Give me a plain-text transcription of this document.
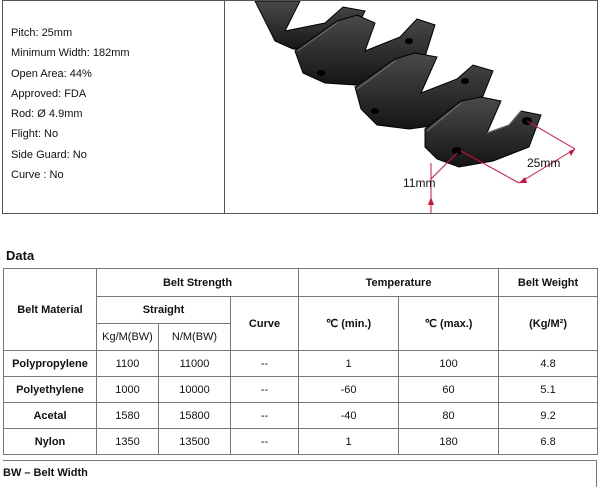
Pitch: 25mm
Minimum Width: 182mm
Open Area: 44%
Approved: FDA
Rod: Ø 4.9mm
Flight: No
Side Guard: No
Curve : No
25mm
11mm
Data
Belt Material	Belt Strength			Temperature		Belt Weight
	Straight		Curve	℃ (min.)	℃ (max.)	(Kg/M²)
	Kg/M(BW)	N/M(BW)				
Polypropylene	1100	11000	--	1	100	4.8
Polyethylene	1000	10000	--	-60	60	5.1
Acetal	1580	15800	--	-40	80	9.2
Nylon	1350	13500	--	1	180	6.8
BW – Belt Width
